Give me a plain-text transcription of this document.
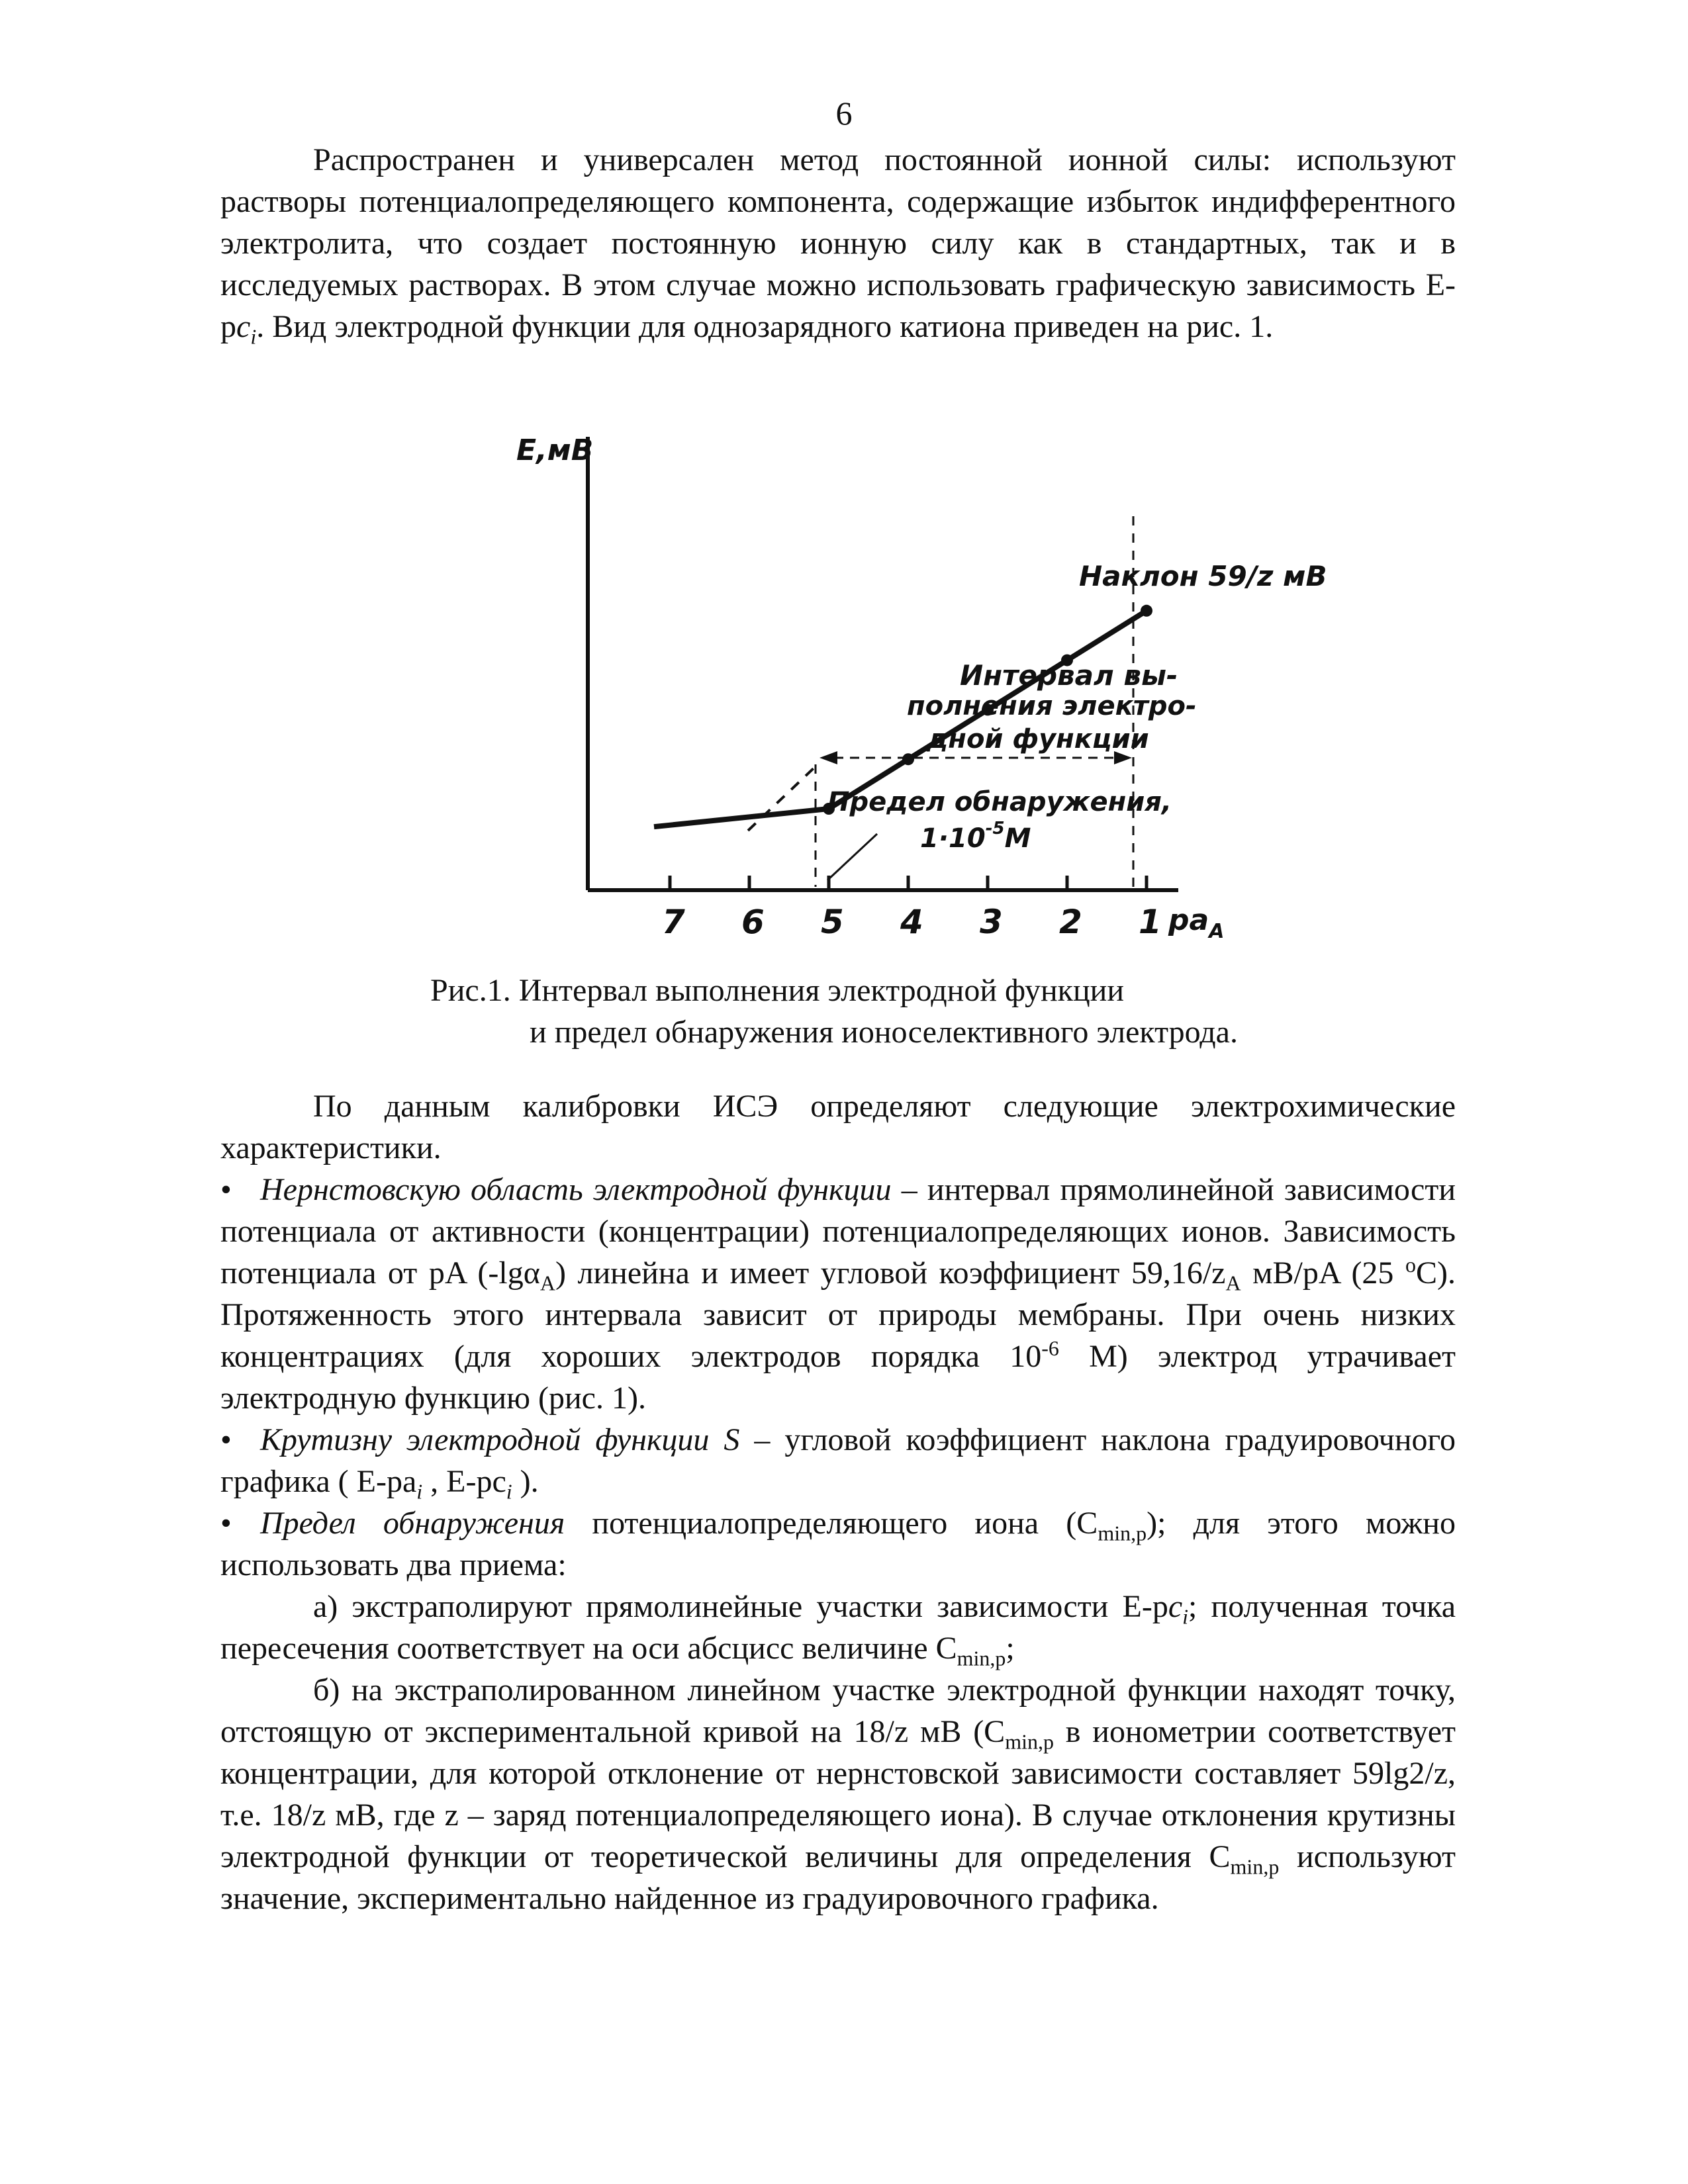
6

Распространен и универсален метод постоянной ионной силы: используют растворы потенциалопределяющего компонента, содержащие избыток индифферентного электролита, что создает постоянную ионную силу как в стандартных, так и в исследуемых растворах. В этом случае можно использовать графическую зависимость $E-pc_i$. Вид электродной функции для однозарядного катиона приведен на рис. 1.

E,мВ
$pa_A$
7 6 5 4 3 2 1
Наклон 59/z мВ
Интервал вы-
полнения электро-
дной функции
Предел обнаружения,
$1\cdot 10^{-5}М$
Рис.1. Интервал выполнения электродной функции
и предел обнаружения ионоселективного электрода.

По данным калибровки ИСЭ определяют следующие электрохимические характеристики.

• Нернстовскую область электродной функции – интервал прямолинейной зависимости потенциала от активности (концентрации) потенциалопределяющих ионов. Зависимость потенциала от pA (-lgα$_A$) линейна и имеет угловой коэффициент $59,16/z_A$ мВ/pA (25 $^o$C). Протяженность этого интервала зависит от природы мембраны. При очень низких концентрациях (для хороших электродов порядка $10^{-6}$ М) электрод утрачивает электродную функцию (рис. 1).

• Крутизну электродной функции S – угловой коэффициент наклона градуировочного графика ( $E-pa_i$ , $E-pc_i$ ).

• Предел обнаружения потенциалопределяющего иона $(C_{min,p})$; для этого можно использовать два приема:

а) экстраполируют прямолинейные участки зависимости $E-pc_i$; полученная точка пересечения соответствует на оси абсцисс величине $C_{min,p}$;

б) на экстраполированном линейном участке электродной функции находят точку, отстоящую от экспериментальной кривой на 18/z мВ ($C_{min,p}$ в ионометрии соответствует концентрации, для которой отклонение от нернстовской зависимости составляет 59lg2/z, т.е. 18/z мВ, где z – заряд потенциалопределяющего иона). В случае отклонения крутизны электродной функции от теоретической величины для определения $C_{min,p}$ используют значение, экспериментально найденное из градуировочного графика.
